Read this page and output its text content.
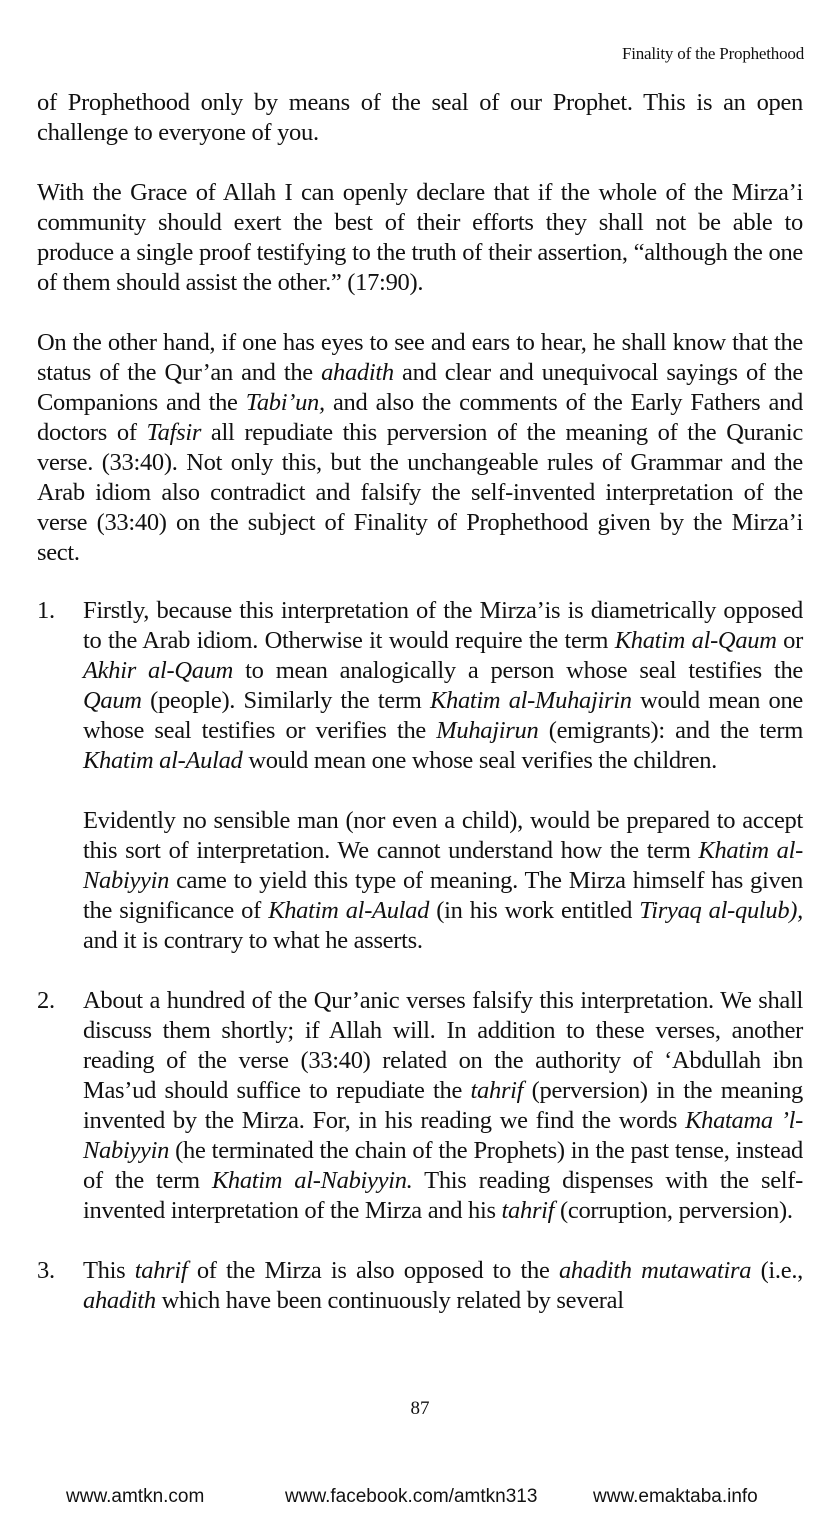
Finality of the Prophethood

of Prophethood only by means of the seal of our Prophet. This is an open challenge to everyone of you.

With the Grace of Allah I can openly declare that if the whole of the Mirza’i community should exert the best of their efforts they shall not be able to produce a single proof testifying to the truth of their assertion, “although the one of them should assist the other.” (17:90).

On the other hand, if one has eyes to see and ears to hear, he shall know that the status of the Qur’an and the ahadith and clear and unequivocal sayings of the Companions and the Tabi’un, and also the comments of the Early Fathers and doctors of Tafsir all repudiate this perversion of the meaning of the Quranic verse. (33:40). Not only this, but the unchangeable rules of Grammar and the Arab idiom also contradict and falsify the self-invented interpretation of the verse (33:40) on the subject of Finality of Prophethood given by the Mirza’i sect.

1.	Firstly, because this interpretation of the Mirza’is is diametrically opposed to the Arab idiom. Otherwise it would require the term Khatim al-Qaum or Akhir al-Qaum to mean analogically a person whose seal testifies the Qaum (people). Similarly the term Khatim al-Muhajirin would mean one whose seal testifies or verifies the Muhajirun (emigrants): and the term Khatim al-Aulad would mean one whose seal verifies the children.

Evidently no sensible man (nor even a child), would be prepared to accept this sort of interpretation. We cannot understand how the term Khatim al-Nabiyyin came to yield this type of meaning. The Mirza himself has given the significance of Khatim al-Aulad (in his work entitled Tiryaq al-qulub), and it is contrary to what he asserts.

2.	About a hundred of the Qur’anic verses falsify this interpretation. We shall discuss them shortly; if Allah will. In addition to these verses, another reading of the verse (33:40) related on the authority of ‘Abdullah ibn Mas’ud should suffice to repudiate the tahrif (perversion) in the meaning invented by the Mirza. For, in his reading we find the words Khatama ’l-Nabiyyin (he terminated the chain of the Prophets) in the past tense, instead of the term Khatim al-Nabiyyin. This reading dispenses with the self-invented interpretation of the Mirza and his tahrif (corruption, perversion).

3.	This tahrif of the Mirza is also opposed to the ahadith mutawatira (i.e., ahadith which have been continuously related by several

87
www.amtkn.com	www.facebook.com/amtkn313	www.emaktaba.info
